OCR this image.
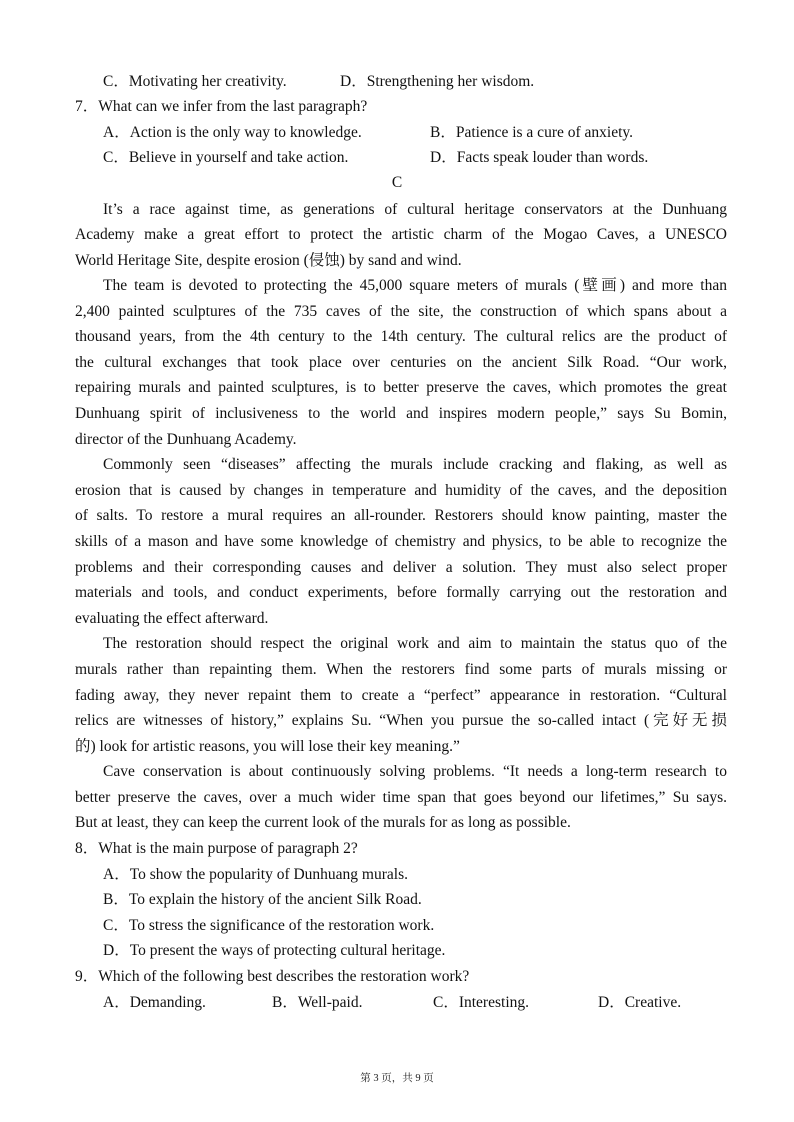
C．Motivating her creativity.	D．Strengthening her wisdom.
7．What can we infer from the last paragraph?
A．Action is the only way to knowledge.	B．Patience is a cure of anxiety.
C．Believe in yourself and take action.	D．Facts speak louder than words.
C
It’s a race against time, as generations of cultural heritage conservators at the Dunhuang
Academy make a great effort to protect the artistic charm of the Mogao Caves, a UNESCO
World Heritage Site, despite erosion (侵蚀) by sand and wind.
The team is devoted to protecting the 45,000 square meters of murals (壁画) and more than
2,400 painted sculptures of the 735 caves of the site, the construction of which spans about a
thousand years, from the 4th century to the 14th century. The cultural relics are the product of
the cultural exchanges that took place over centuries on the ancient Silk Road. “Our work,
repairing murals and painted sculptures, is to better preserve the caves, which promotes the great
Dunhuang spirit of inclusiveness to the world and inspires modern people,” says Su Bomin,
director of the Dunhuang Academy.
Commonly seen “diseases” affecting the murals include cracking and flaking, as well as
erosion that is caused by changes in temperature and humidity of the caves, and the deposition
of salts. To restore a mural requires an all-rounder. Restorers should know painting, master the
skills of a mason and have some knowledge of chemistry and physics, to be able to recognize the
problems and their corresponding causes and deliver a solution. They must also select proper
materials and tools, and conduct experiments, before formally carrying out the restoration and
evaluating the effect afterward.
The restoration should respect the original work and aim to maintain the status quo of the
murals rather than repainting them. When the restorers find some parts of murals missing or
fading away, they never repaint them to create a “perfect” appearance in restoration. “Cultural
relics are witnesses of history,” explains Su. “When you pursue the so-called intact (完好无损
的) look for artistic reasons, you will lose their key meaning.”
Cave conservation is about continuously solving problems. “It needs a long-term research to
better preserve the caves, over a much wider time span that goes beyond our lifetimes,” Su says.
But at least, they can keep the current look of the murals for as long as possible.
8．What is the main purpose of paragraph 2?
A．To show the popularity of Dunhuang murals.
B．To explain the history of the ancient Silk Road.
C．To stress the significance of the restoration work.
D．To present the ways of protecting cultural heritage.
9．Which of the following best describes the restoration work?
A．Demanding.	B．Well-paid.	C．Interesting.	D．Creative.
第 3 页，共 9 页
